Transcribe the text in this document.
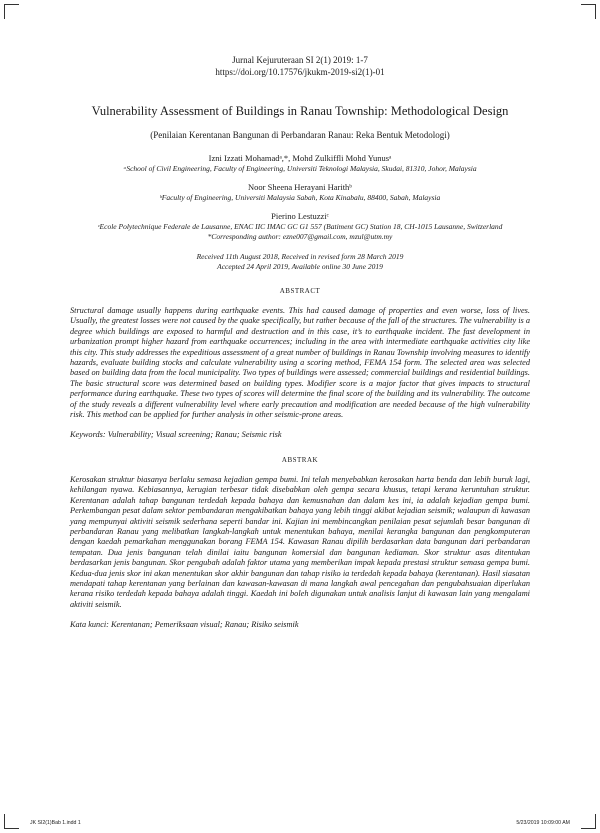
Jurnal Kejuruteraan SI 2(1) 2019: 1-7
https://doi.org/10.17576/jkukm-2019-si2(1)-01
Vulnerability Assessment of Buildings in Ranau Township: Methodological Design
(Penilaian Kerentanan Bangunan di Perbandaran Ranau: Reka Bentuk Metodologi)
Izni Izzati Mohamadᵃ,*, Mohd Zulkiffli Mohd Yunusᵃ
ᵃSchool of Civil Engineering, Faculty of Engineering, Universiti Teknologi Malaysia, Skudai, 81310, Johor, Malaysia
Noor Sheena Herayani Harithᵇ
ᵇFaculty of Engineering, Universiti Malaysia Sabah, Kota Kinabalu, 88400, Sabah, Malaysia
Pierino Lestuzziᶜ
ᶜEcole Polytechnique Federale de Lausanne, ENAC IIC IMAC GC G1 557 (Batiment GC) Station 18, CH-1015 Lausanne, Switzerland
*Corresponding author: ezne007@gmail.com, mzul@utm.my
Received 11th August 2018, Received in revised form 28 March 2019
Accepted 24 April 2019, Available online 30 June 2019
ABSTRACT
Structural damage usually happens during earthquake events. This had caused damage of properties and even worse, loss of lives. Usually, the greatest losses were not caused by the quake specifically, but rather because of the fall of the structures. The vulnerability is a degree which buildings are exposed to harmful and destruction and in this case, it’s to earthquake incident. The fast development in urbanization prompt higher hazard from earthquake occurrences; including in the area with intermediate earthquake activities city like this city. This study addresses the expeditious assessment of a great number of buildings in Ranau Township involving measures to identify hazards, evaluate building stocks and calculate vulnerability using a scoring method, FEMA 154 form. The selected area was selected based on building data from the local municipality. Two types of buildings were assessed; commercial buildings and residential buildings. The basic structural score was determined based on building types. Modifier score is a major factor that gives impacts to structural performance during earthquake. These two types of scores will determine the final score of the building and its vulnerability. The outcome of the study reveals a different vulnerability level where early precaution and modification are needed because of the high vulnerability risk. This method can be applied for further analysis in other seismic-prone areas.
Keywords: Vulnerability; Visual screening; Ranau; Seismic risk
ABSTRAK
Kerosakan struktur biasanya berlaku semasa kejadian gempa bumi. Ini telah menyebabkan kerosakan harta benda dan lebih buruk lagi, kehilangan nyawa. Kebiasannya, kerugian terbesar tidak disebabkan oleh gempa secara khusus, tetapi kerana keruntuhan struktur. Kerentanan adalah tahap bangunan terdedah kepada bahaya dan kemusnahan dan dalam kes ini, ia adalah kejadian gempa bumi. Perkembangan pesat dalam sektor pembandaran mengakibatkan bahaya yang lebih tinggi akibat kejadian seismik; walaupun di kawasan yang mempunyai aktiviti seismik sederhana seperti bandar ini. Kajian ini membincangkan penilaian pesat sejumlah besar bangunan di perbandaran Ranau yang melibatkan langkah-langkah untuk menentukan bahaya, menilai kerangka bangunan dan pengkomputeran dengan kaedah pemarkahan menggunakan borang FEMA 154. Kawasan Ranau dipilih berdasarkan data bangunan dari perbandaran tempatan. Dua jenis bangunan telah dinilai iaitu bangunan komersial dan bangunan kediaman. Skor struktur asas ditentukan berdasarkan jenis bangunan. Skor pengubah adalah faktor utama yang memberikan impak kepada prestasi struktur semasa gempa bumi. Kedua-dua jenis skor ini akan menentukan skor akhir bangunan dan tahap risiko ia terdedah kepada bahaya (kerentanan). Hasil siasatan mendapati tahap kerentanan yang berlainan dan kawasan-kawasan di mana langkah awal pencegahan dan pengubahsuaian diperlukan kerana risiko terdedah kepada bahaya adalah tinggi. Kaedah ini boleh digunakan untuk analisis lanjut di kawasan lain yang mengalami aktiviti seismik.
Kata kunci: Kerentanan; Pemeriksaan visual; Ranau; Risiko seismik
JK SI2(1)Bab 1.indd 1	5/23/2019 10:09:00 AM
